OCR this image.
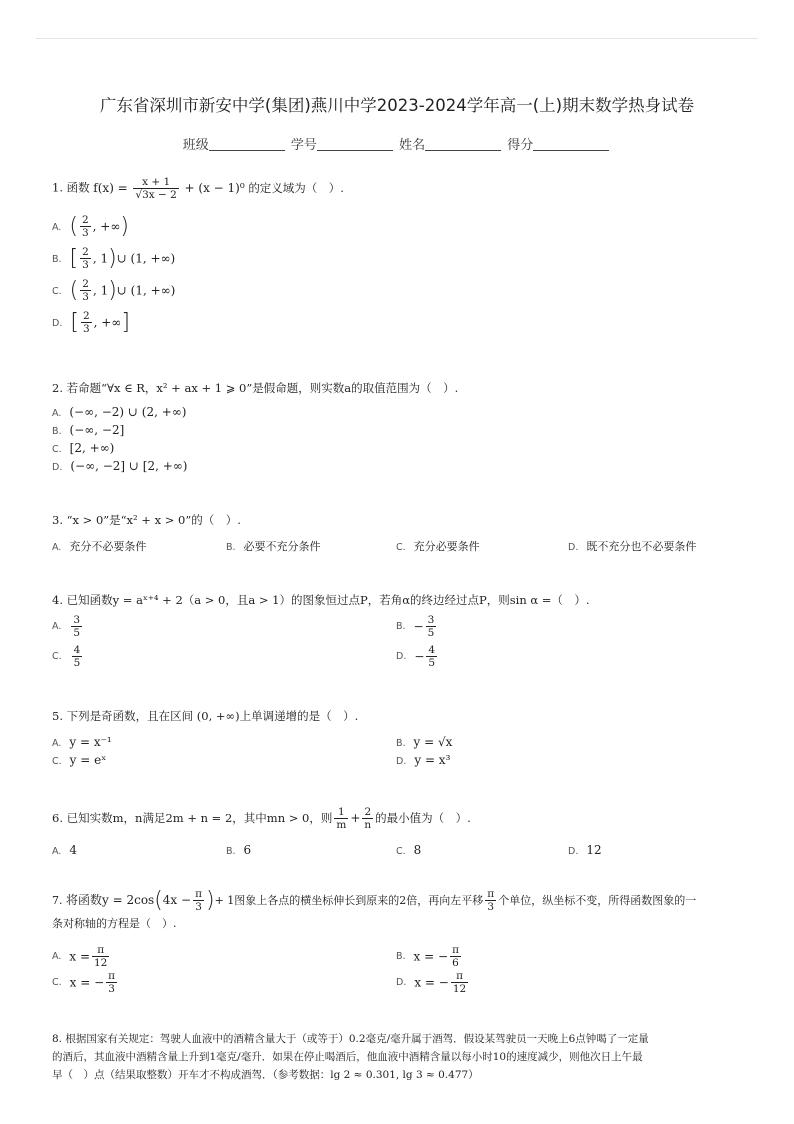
广东省深圳市新安中学(集团)燕川中学2023-2024学年高一(上)期末数学热身试卷
班级	学号	姓名	得分
1. 函数 $f(x) = \frac{x + 1}{√3x - 2} + (x - 1)^0$ 的定义域为（　）.
A. ( $\frac{2}{3}$ , +∞)
B. [ $\frac{2}{3}$ , 1)∪ (1, +∞)
C. ( $\frac{2}{3}$ , 1)∪ (1, +∞)
D. [ $\frac{2}{3}$ , +∞]
2. 若命题“∀x ∈ R，x² + ax + 1 ⩾ 0”是假命题，则实数a的取值范围为（　）.
A. (−∞, −2) ∪ (2, +∞)
B. (−∞, −2]
C. [2, +∞)
D. (−∞, −2] ∪ [2, +∞)
3. “x > 0”是“x² + x > 0”的（　）.
A. 充分不必要条件	B. 必要不充分条件	C. 充分必要条件	D. 既不充分也不必要条件
4. 已知函数y = aˣ⁺⁴ + 2（a > 0，且a > 1）的图象恒过点P，若角α的终边经过点P，则sin α =（　）.
A. $\frac{3}{5}$	B. − $\frac{3}{5}$
C. $\frac{4}{5}$	D. − $\frac{4}{5}$
5. 下列是奇函数，且在区间 (0, +∞)上单调递增的是（　）.
A. y = x⁻¹	B. y = √x
C. y = eˣ	D. y = x³
6. 已知实数m，n满足2m + n = 2，其中mn > 0，则 $\frac{1}{m} + \frac{2}{n}$ 的最小值为（　）.
A. 4	B. 6	C. 8	D. 12
7. 将函数$y = 2\cos(4x - \frac{\pi}{3}$ )+ 1图象上各点的横坐标伸长到原来的2倍，再向左平移 $\frac{\pi}{3}$ 个单位，纵坐标不变，所得函数图象的一
条对称轴的方程是（　）.
A. $x = \frac{\pi}{12}$	B. x = − $\frac{\pi}{6}$
C. x = − $\frac{\pi}{3}$	D. x = − $\frac{\pi}{12}$
8. 根据国家有关规定：驾驶人血液中的酒精含量大于（或等于）0.2毫克/毫升属于酒驾．假设某驾驶员一天晚上6点钟喝了一定量
的酒后，其血液中酒精含量上升到1毫克/毫升．如果在停止喝酒后，他血液中酒精含量以每小时10的速度减少，则他次日上午最
早（　）点（结果取整数）开车才不构成酒驾．（参考数据：lg 2 ≈ 0.301, lg 3 ≈ 0.477）
